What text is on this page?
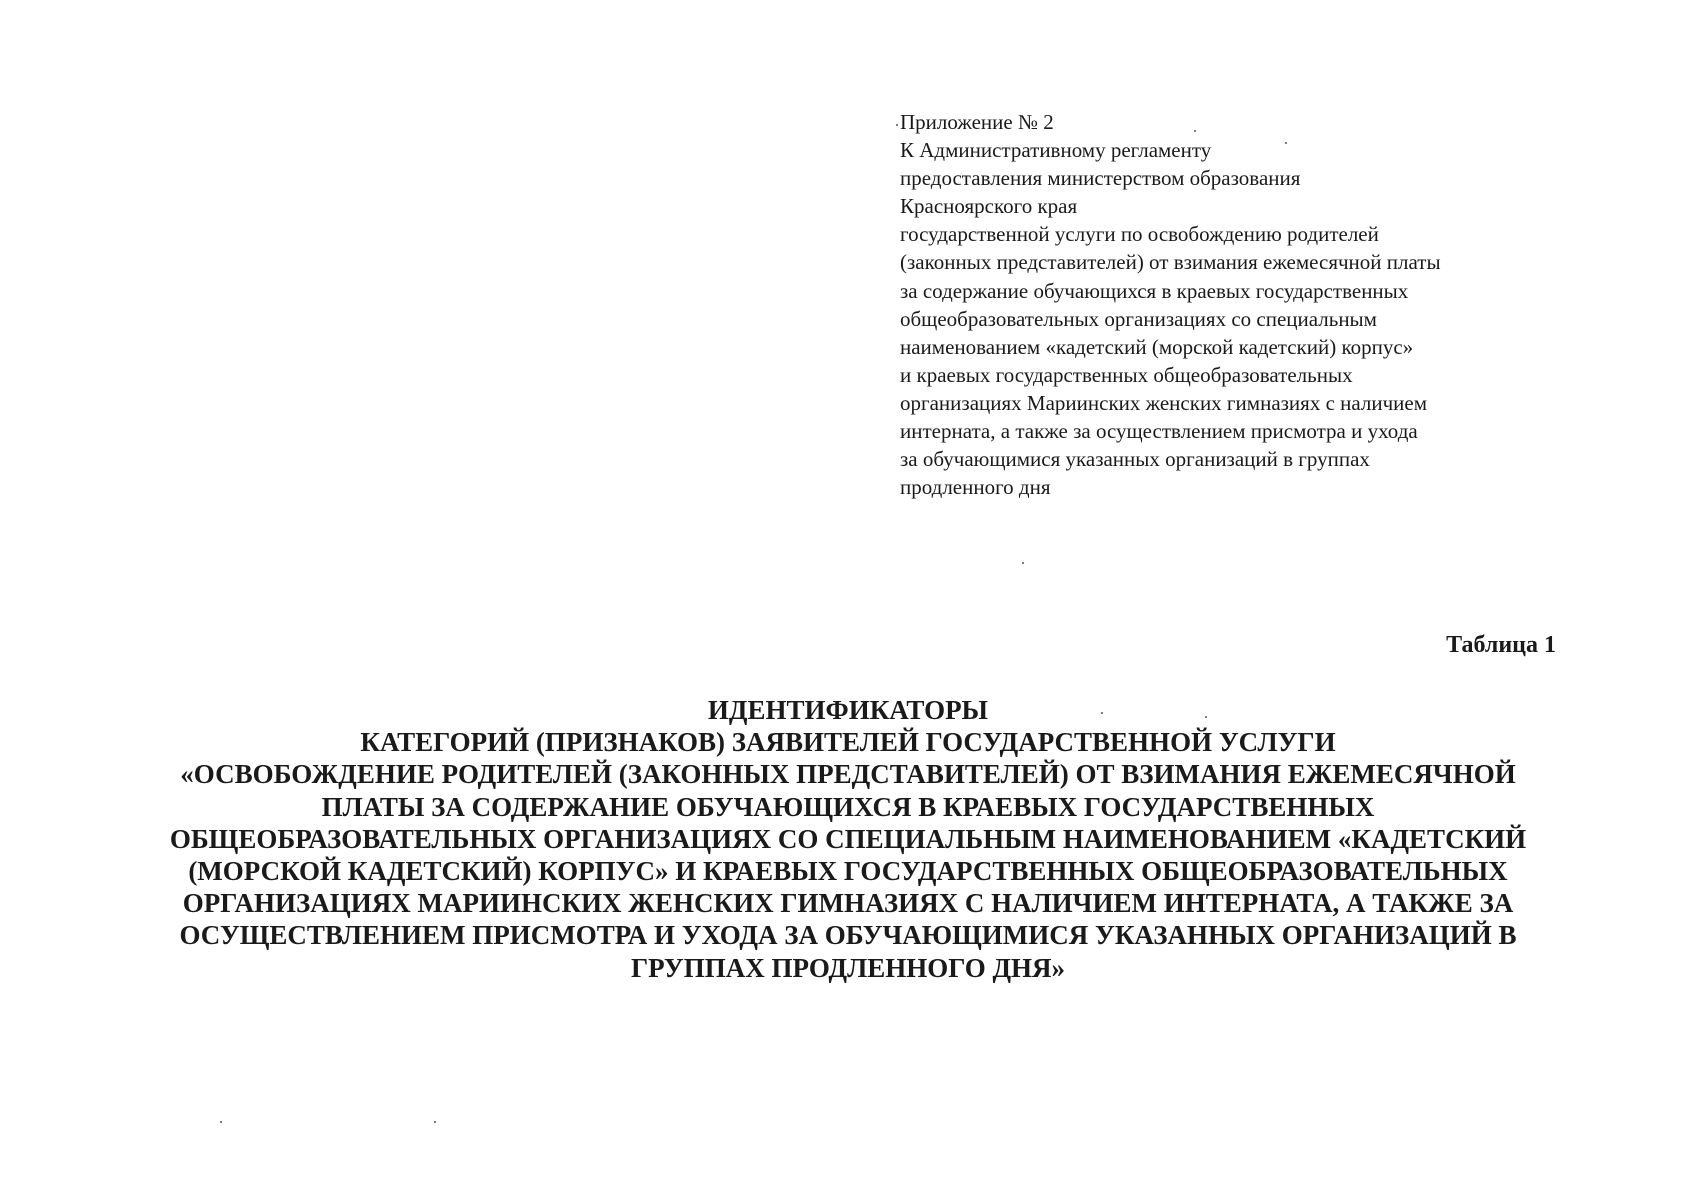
Приложение № 2
К Административному регламенту
предоставления министерством образования
Красноярского края
государственной услуги по освобождению родителей
(законных представителей) от взимания ежемесячной платы
за содержание обучающихся в краевых государственных
общеобразовательных организациях со специальным
наименованием «кадетский (морской кадетский) корпус»
и краевых государственных общеобразовательных
организациях Мариинских женских гимназиях с наличием
интерната, а также за осуществлением присмотра и ухода
за обучающимися указанных организаций в группах
продленного дня
Таблица 1
ИДЕНТИФИКАТОРЫ
КАТЕГОРИЙ (ПРИЗНАКОВ) ЗАЯВИТЕЛЕЙ ГОСУДАРСТВЕННОЙ УСЛУГИ
«ОСВОБОЖДЕНИЕ РОДИТЕЛЕЙ (ЗАКОННЫХ ПРЕДСТАВИТЕЛЕЙ) ОТ ВЗИМАНИЯ ЕЖЕМЕСЯЧНОЙ
ПЛАТЫ ЗА СОДЕРЖАНИЕ ОБУЧАЮЩИХСЯ В КРАЕВЫХ ГОСУДАРСТВЕННЫХ
ОБЩЕОБРАЗОВАТЕЛЬНЫХ ОРГАНИЗАЦИЯХ СО СПЕЦИАЛЬНЫМ НАИМЕНОВАНИЕМ «КАДЕТСКИЙ
(МОРСКОЙ КАДЕТСКИЙ) КОРПУС» И КРАЕВЫХ ГОСУДАРСТВЕННЫХ ОБЩЕОБРАЗОВАТЕЛЬНЫХ
ОРГАНИЗАЦИЯХ МАРИИНСКИХ ЖЕНСКИХ ГИМНАЗИЯХ С НАЛИЧИЕМ ИНТЕРНАТА, А ТАКЖЕ ЗА
ОСУЩЕСТВЛЕНИЕМ ПРИСМОТРА И УХОДА ЗА ОБУЧАЮЩИМИСЯ УКАЗАННЫХ ОРГАНИЗАЦИЙ В
ГРУППАХ ПРОДЛЕННОГО ДНЯ»
